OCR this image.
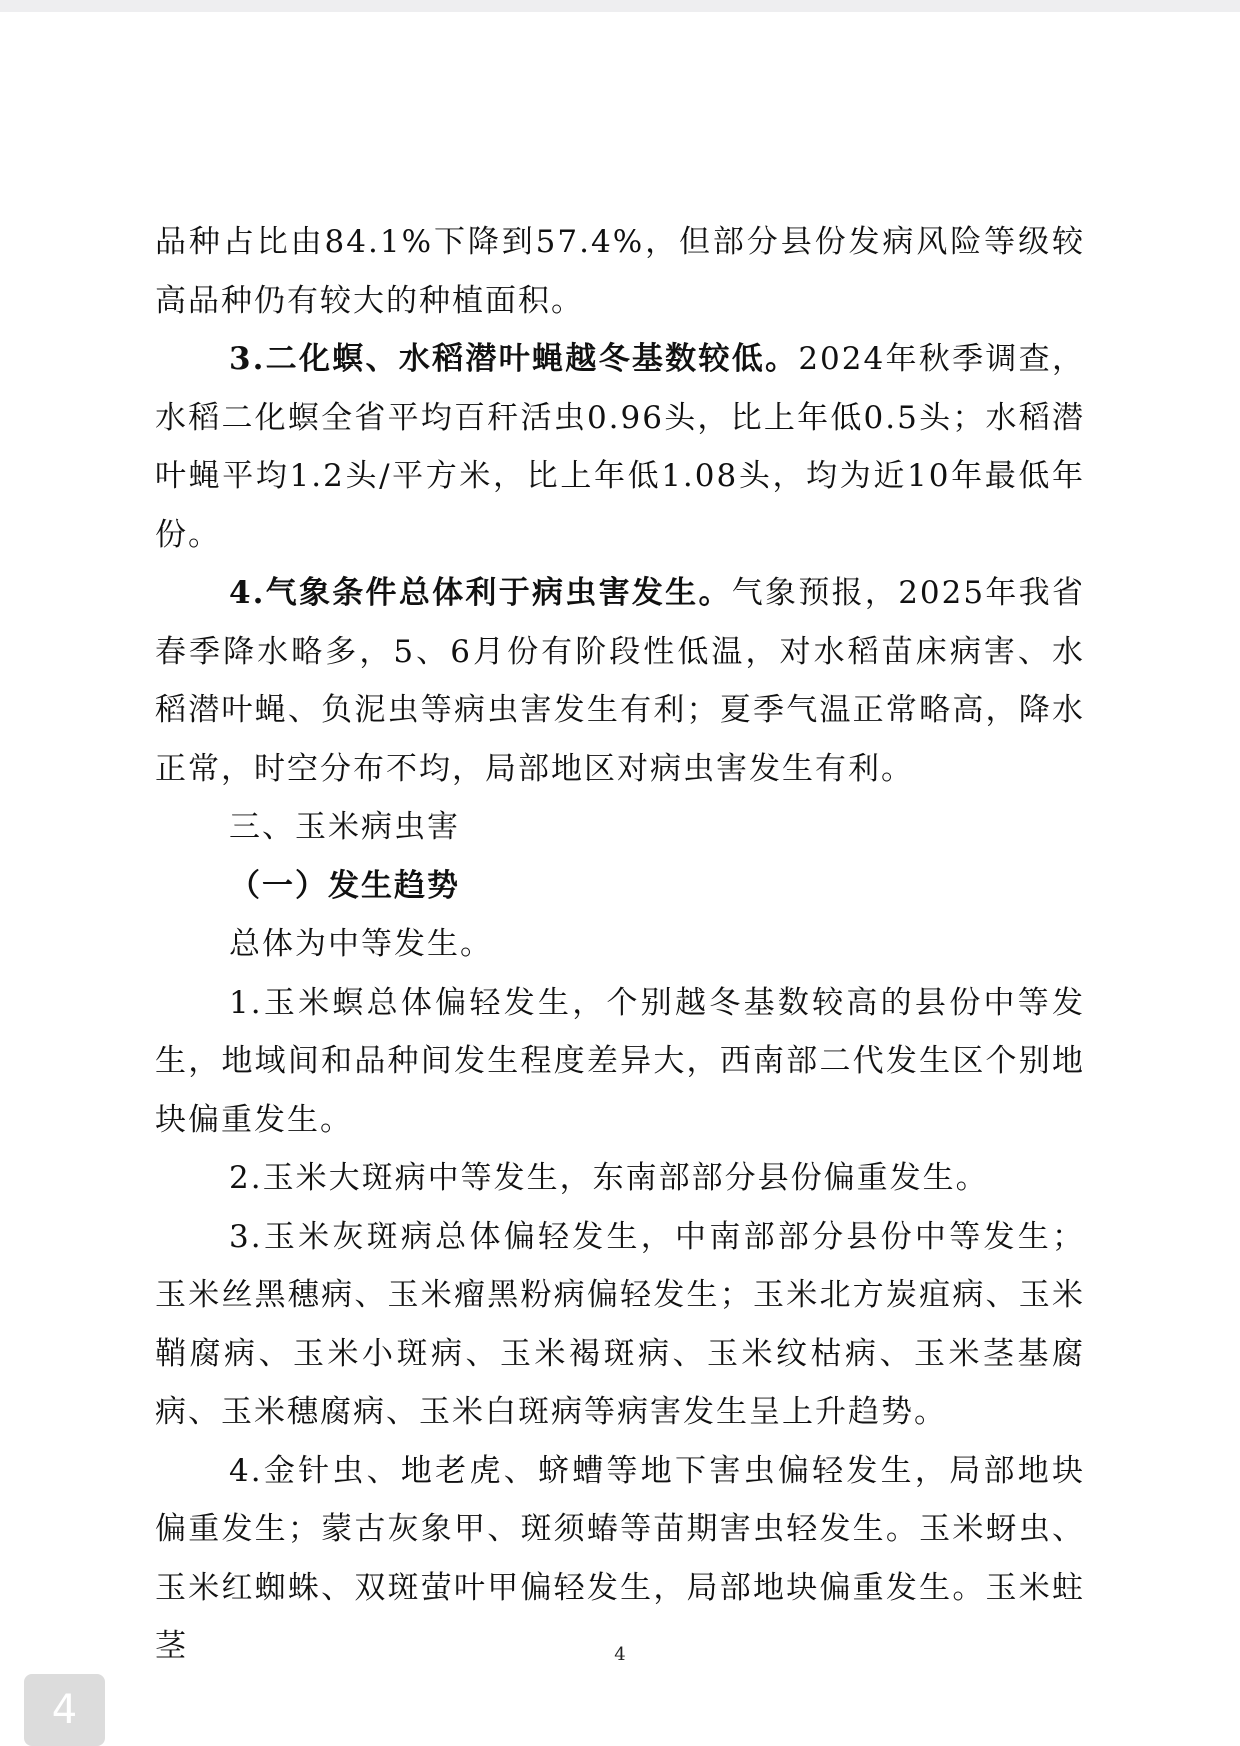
品种占比由84.1%下降到57.4%，但部分县份发病风险等级较高品种仍有较大的种植面积。

3.二化螟、水稻潜叶蝇越冬基数较低。2024年秋季调查，水稻二化螟全省平均百秆活虫0.96头，比上年低0.5头；水稻潜叶蝇平均1.2头/平方米，比上年低1.08头，均为近10年最低年份。

4.气象条件总体利于病虫害发生。气象预报，2025年我省春季降水略多，5、6月份有阶段性低温，对水稻苗床病害、水稻潜叶蝇、负泥虫等病虫害发生有利；夏季气温正常略高，降水正常，时空分布不均，局部地区对病虫害发生有利。

三、玉米病虫害

（一）发生趋势

总体为中等发生。

1.玉米螟总体偏轻发生，个别越冬基数较高的县份中等发生，地域间和品种间发生程度差异大，西南部二代发生区个别地块偏重发生。

2.玉米大斑病中等发生，东南部部分县份偏重发生。

3.玉米灰斑病总体偏轻发生，中南部部分县份中等发生；玉米丝黑穗病、玉米瘤黑粉病偏轻发生；玉米北方炭疽病、玉米鞘腐病、玉米小斑病、玉米褐斑病、玉米纹枯病、玉米茎基腐病、玉米穗腐病、玉米白斑病等病害发生呈上升趋势。

4.金针虫、地老虎、蛴螬等地下害虫偏轻发生，局部地块偏重发生；蒙古灰象甲、斑须蝽等苗期害虫轻发生。玉米蚜虫、玉米红蜘蛛、双斑萤叶甲偏轻发生，局部地块偏重发生。玉米蛀茎	4
4
